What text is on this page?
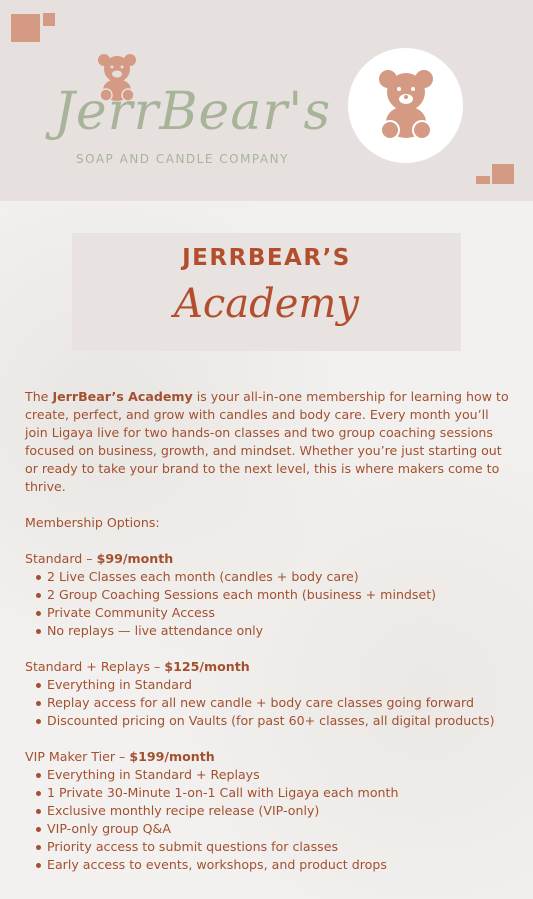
JerrBear's
SOAP AND CANDLE COMPANY
JERRBEAR’S
Academy

The JerrBear’s Academy is your all-in-one membership for learning how to create, perfect, and grow with candles and body care. Every month you’ll join Ligaya live for two hands-on classes and two group coaching sessions focused on business, growth, and mindset. Whether you’re just starting out or ready to take your brand to the next level, this is where makers come to thrive.

Membership Options:

Standard – $99/month

2 Live Classes each month (candles + body care)
2 Group Coaching Sessions each month (business + mindset)
Private Community Access
No replays — live attendance only

Standard + Replays – $125/month

Everything in Standard
Replay access for all new candle + body care classes going forward
Discounted pricing on Vaults (for past 60+ classes, all digital products)

VIP Maker Tier – $199/month

Everything in Standard + Replays
1 Private 30-Minute 1-on-1 Call with Ligaya each month
Exclusive monthly recipe release (VIP-only)
VIP-only group Q&A
Priority access to submit questions for classes
Early access to events, workshops, and product drops
